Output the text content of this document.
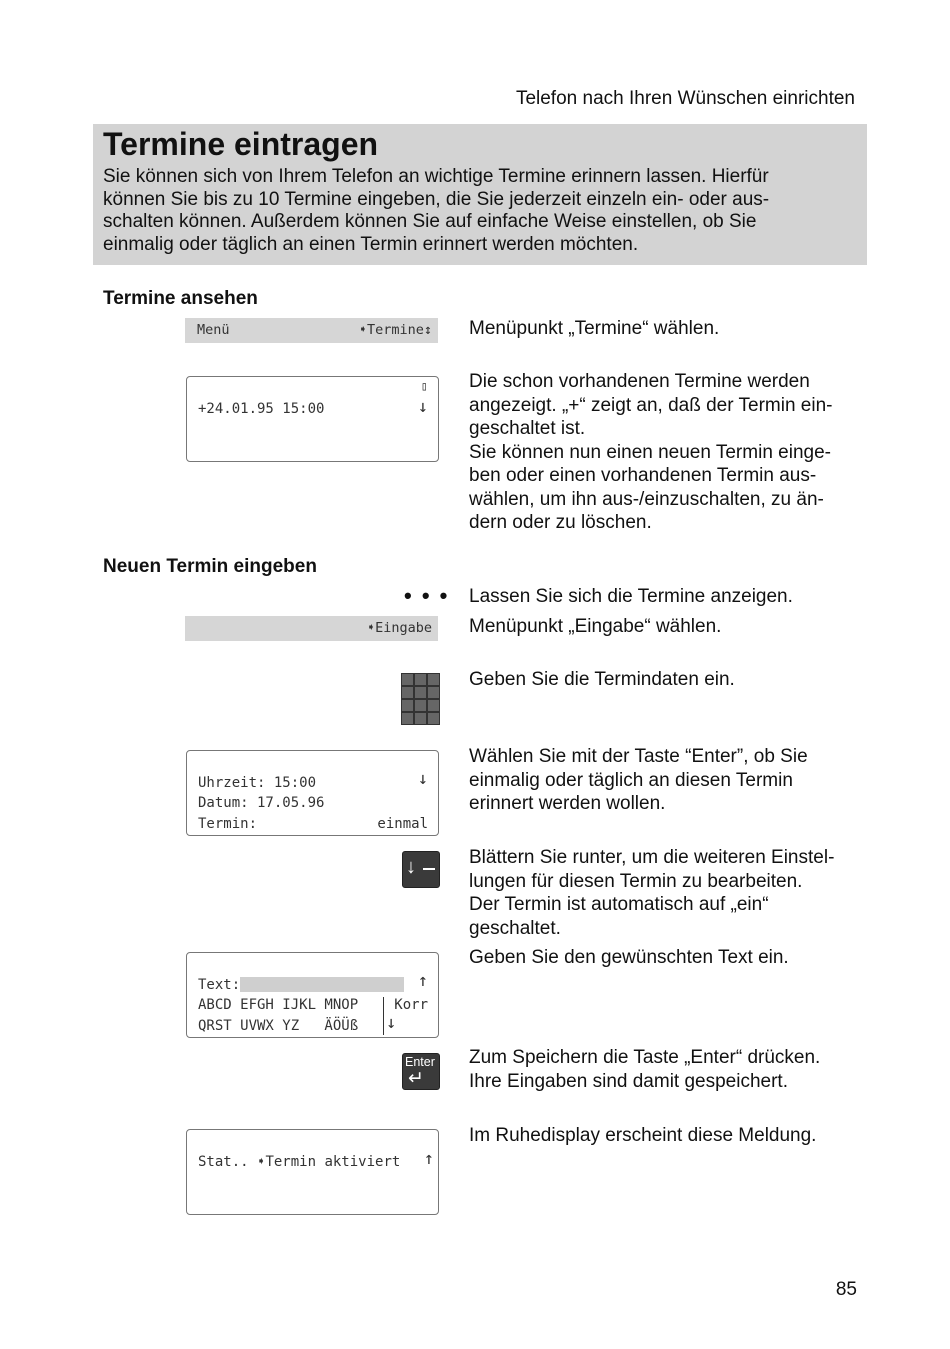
Telefon nach Ihren Wünschen einrichten
Termine eintragen
Sie können sich von Ihrem Telefon an wichtige Termine erinnern lassen. Hierfür
können Sie bis zu 10 Termine eingeben, die Sie jederzeit einzeln ein- oder aus-
schalten können. Außerdem können Sie auf einfache Weise einstellen, ob Sie
einmalig oder täglich an einen Termin erinnert werden möchten.
Termine ansehen
Menü	➧Termine↕ Menüpunkt „Termine“ wählen.
▯
+24.01.95 15:00	↓
Die schon vorhandenen Termine werden
angezeigt. „+“ zeigt an, daß der Termin ein-
geschaltet ist.
Sie können nun einen neuen Termin einge-
ben oder einen vorhandenen Termin aus-
wählen, um ihn aus-/einzuschalten, zu än-
dern oder zu löschen.
Neuen Termin eingeben
• • • Lassen Sie sich die Termine anzeigen.
➧Eingabe Menüpunkt „Eingabe“ wählen.
Geben Sie die Termindaten ein.
↓
Uhrzeit: 15:00
Datum: 17.05.96
Termin:	einmal
Wählen Sie mit der Taste “Enter”, ob Sie
einmalig oder täglich an diesen Termin
erinnert werden wollen.
↓	Blättern Sie runter, um die weiteren Einstel-
lungen für diesen Termin zu bearbeiten.
Der Termin ist automatisch auf „ein“
geschaltet.
Text:	↑
ABCD EFGH IJKL MNOP	Korr
QRST UVWX YZ   ÄÖÜß ↓
Geben Sie den gewünschten Text ein.
Enter
↵
Zum Speichern die Taste „Enter“ drücken.
Ihre Eingaben sind damit gespeichert.
Stat.. ➧Termin aktiviert ↑
Im Ruhedisplay erscheint diese Meldung.
85
